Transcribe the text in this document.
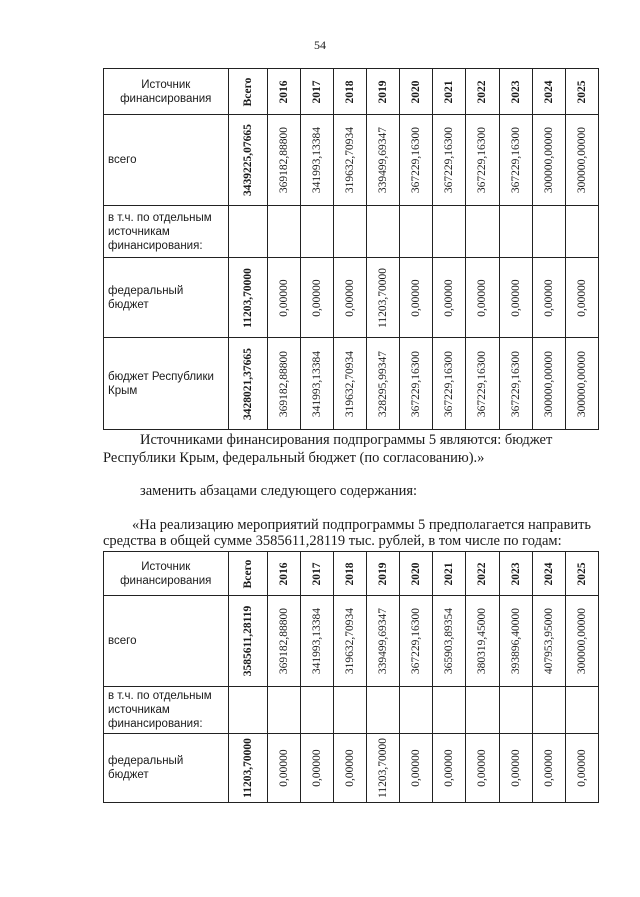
54
Источник финансирования	Всего	2016	2017	2018	2019	2020	2021	2022	2023	2024	2025

всего	3439225,07665	369182,88800	341993,13384	319632,70934	339499,69347	367229,16300	367229,16300	367229,16300	367229,16300	300000,00000	300000,00000

в т.ч. по отдельным источникам финансирования:											
федеральный бюджет	11203,70000	0,00000	0,00000	0,00000	11203,70000	0,00000	0,00000	0,00000	0,00000	0,00000	0,00000

бюджет Республики Крым	3428021,37665	369182,88800	341993,13384	319632,70934	328295,99347	367229,16300	367229,16300	367229,16300	367229,16300	300000,00000	300000,00000

Источниками финансирования подпрограммы 5 являются: бюджет

Республики Крым, федеральный бюджет (по согласованию).»

заменить абзацами следующего содержания:

«На реализацию мероприятий подпрограммы 5 предполагается направить

средства в общей сумме 3585611,28119 тыс. рублей, в том числе по годам:

Источник финансирования	Всего	2016	2017	2018	2019	2020	2021	2022	2023	2024	2025

всего	3585611,28119	369182,88800	341993,13384	319632,70934	339499,69347	367229,16300	365903,89354	380319,45000	393896,40000	407953,95000	300000,00000

в т.ч. по отдельным источникам финансирования:											
федеральный бюджет	11203,70000	0,00000	0,00000	0,00000	11203,70000	0,00000	0,00000	0,00000	0,00000	0,00000	0,00000
